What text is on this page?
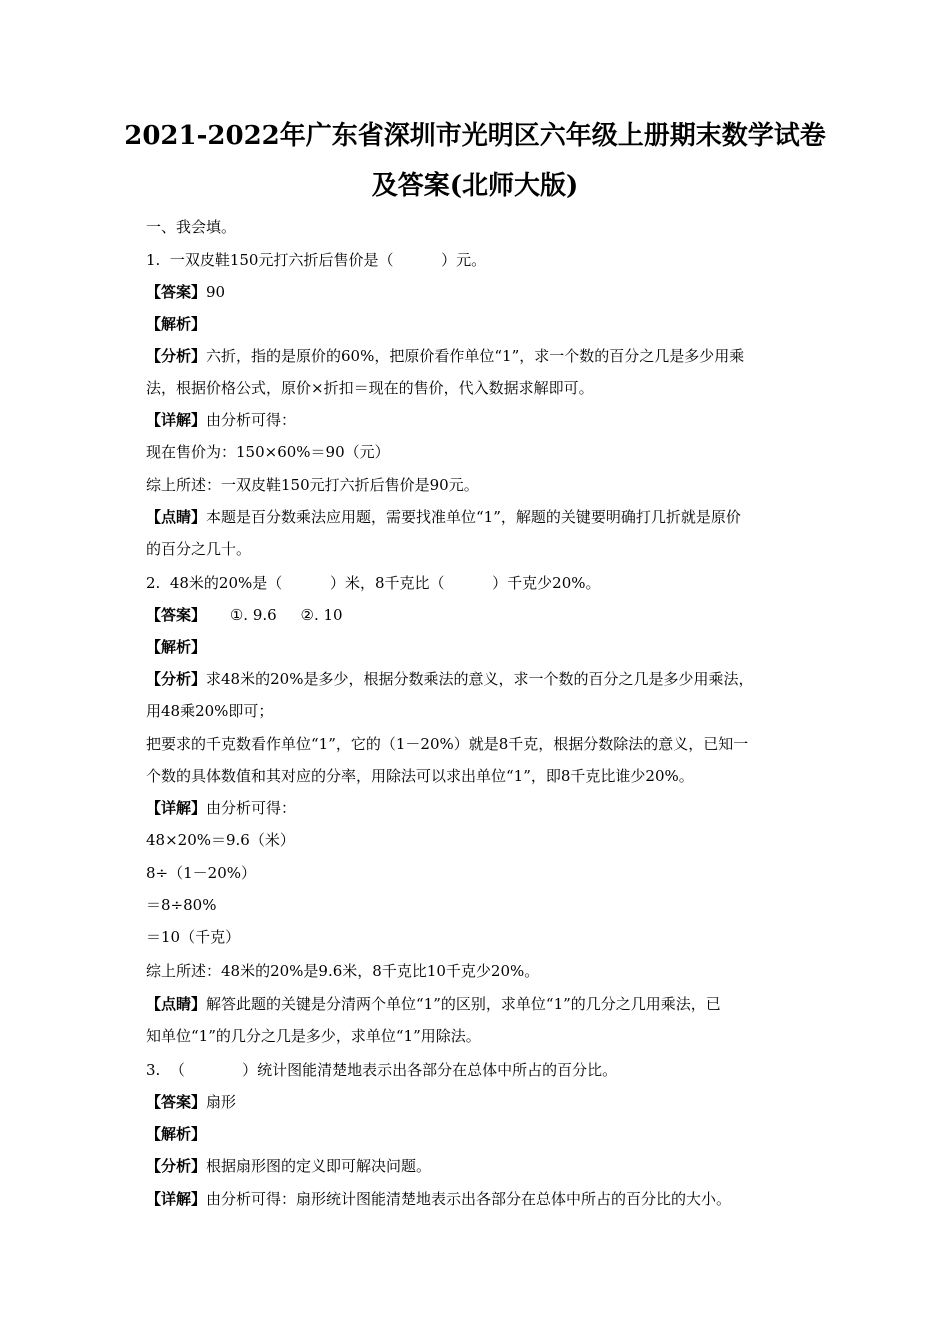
2021-2022年广东省深圳市光明区六年级上册期末数学试卷
及答案(北师大版)
一、我会填。
1.  一双皮鞋150元打六折后售价是（          ）元。
【答案】90
【解析】
【分析】六折，指的是原价的60%，把原价看作单位“1”，求一个数的百分之几是多少用乘
法，根据价格公式，原价×折扣＝现在的售价，代入数据求解即可。
【详解】由分析可得：
现在售价为：150×60%＝90（元）
综上所述：一双皮鞋150元打六折后售价是90元。
【点睛】本题是百分数乘法应用题，需要找准单位“1”，解题的关键要明确打几折就是原价
的百分之几十。
2.  48米的20%是（          ）米，8千克比（          ）千克少20%。
【答案】     ①. 9.6     ②. 10
【解析】
【分析】求48米的20%是多少，根据分数乘法的意义，求一个数的百分之几是多少用乘法，
用48乘20%即可；
把要求的千克数看作单位“1”，它的（1－20%）就是8千克，根据分数除法的意义，已知一
个数的具体数值和其对应的分率，用除法可以求出单位“1”，即8千克比谁少20%。
【详解】由分析可得：
48×20%＝9.6（米）
8÷（1－20%）
＝8÷80%
＝10（千克）
综上所述：48米的20%是9.6米，8千克比10千克少20%。
【点睛】解答此题的关键是分清两个单位“1”的区别，求单位“1”的几分之几用乘法，已
知单位“1”的几分之几是多少，求单位“1”用除法。
3.  （            ）统计图能清楚地表示出各部分在总体中所占的百分比。
【答案】扇形
【解析】
【分析】根据扇形图的定义即可解决问题。
【详解】由分析可得：扇形统计图能清楚地表示出各部分在总体中所占的百分比的大小。
